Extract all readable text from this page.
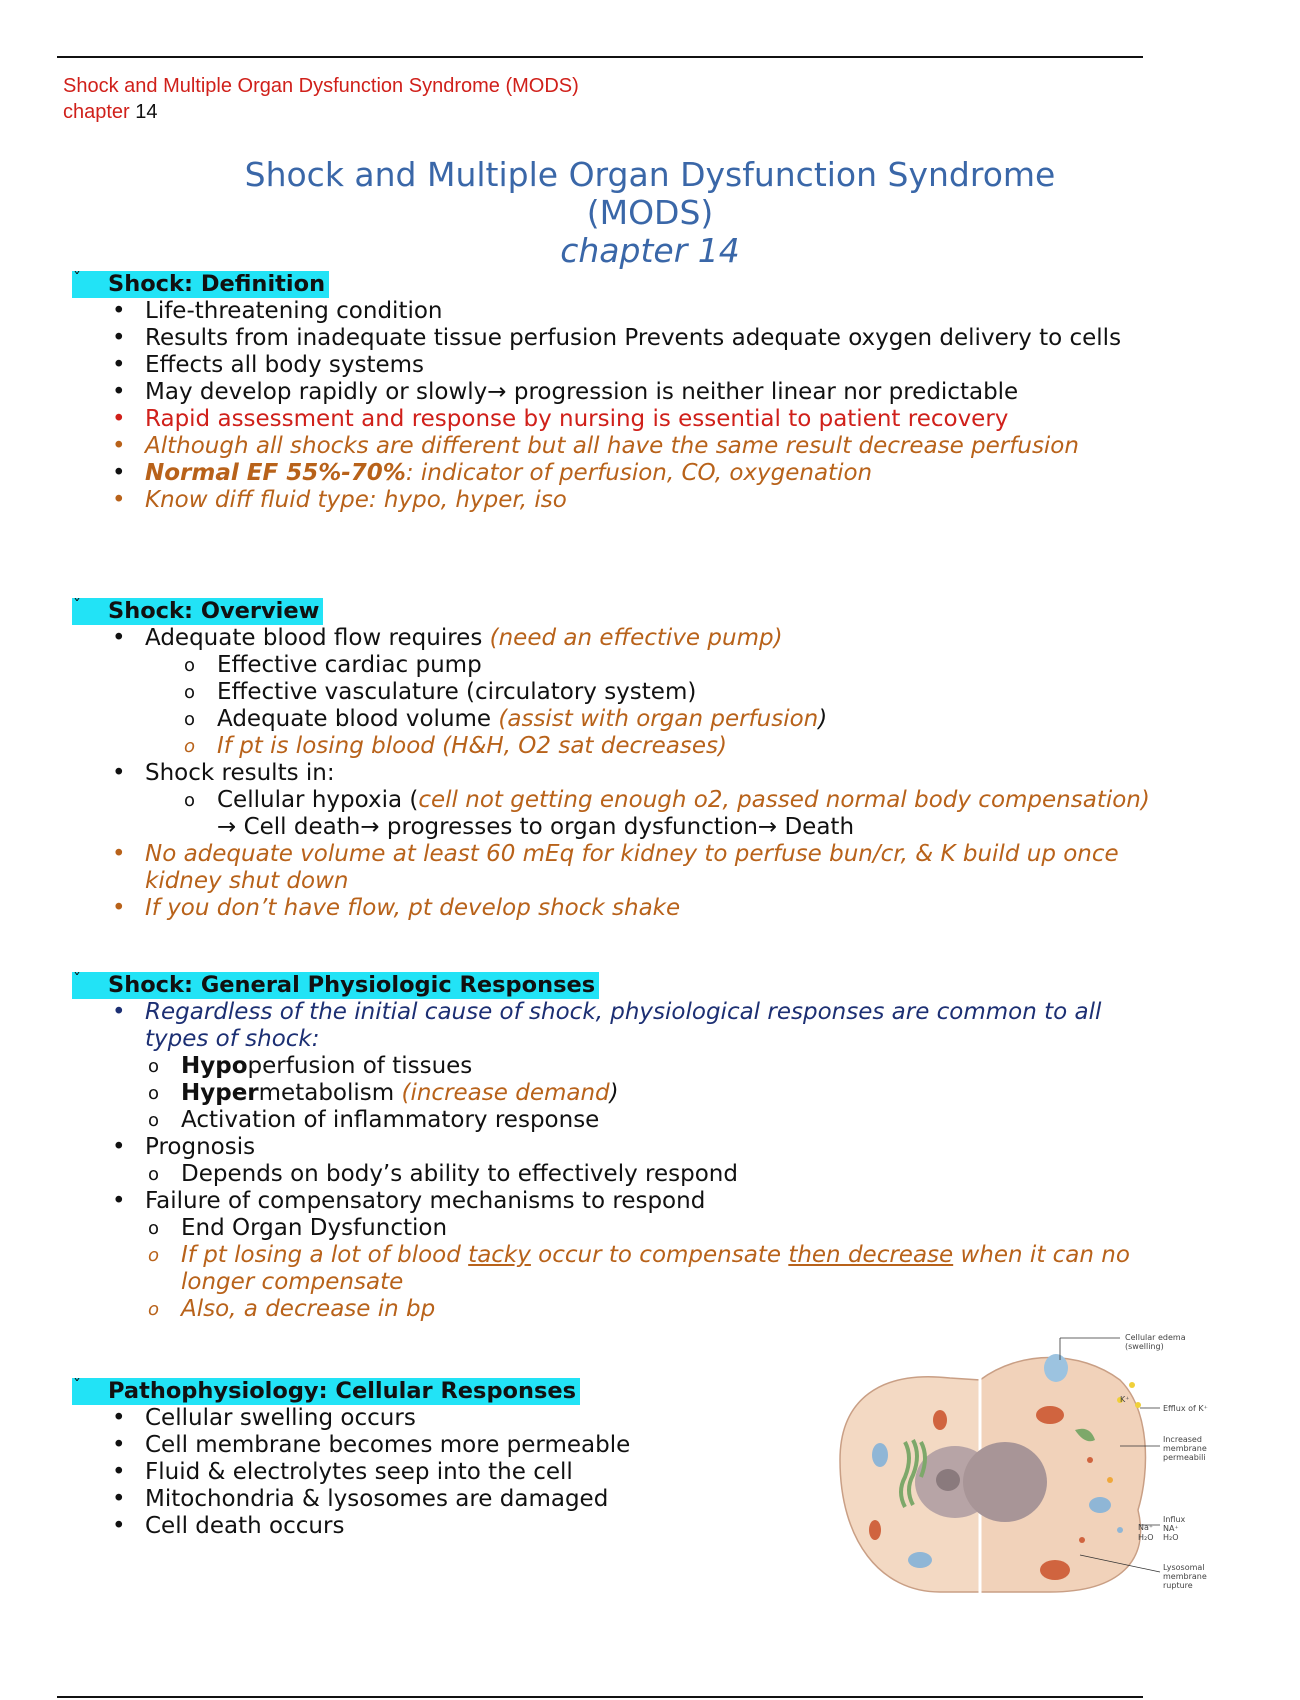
Shock and Multiple Organ Dysfunction Syndrome (MODS)
chapter 14
Shock and Multiple Organ Dysfunction Syndrome
(MODS)
chapter 14
ˇ Shock: Definition
• Life-threatening condition
• Results from inadequate tissue perfusion Prevents adequate oxygen delivery to cells
• Effects all body systems
• May develop rapidly or slowly→ progression is neither linear nor predictable
• Rapid assessment and response by nursing is essential to patient recovery
• Although all shocks are different but all have the same result decrease perfusion
• Normal EF 55%-70%: indicator of perfusion, CO, oxygenation
• Know diff fluid type: hypo, hyper, iso
ˇ Shock: Overview
• Adequate blood flow requires (need an effective pump)
o Effective cardiac pump
o Effective vasculature (circulatory system)
o Adequate blood volume (assist with organ perfusion)
o If pt is losing blood (H&H, O2 sat decreases)
• Shock results in:
o Cellular hypoxia (cell not getting enough o2, passed normal body compensation) → Cell death→ progresses to organ dysfunction→ Death
• No adequate volume at least 60 mEq for kidney to perfuse bun/cr, & K build up once kidney shut down
• If you don’t have flow, pt develop shock shake
ˇ Shock: General Physiologic Responses
• Regardless of the initial cause of shock, physiological responses are common to all types of shock:
o Hypoperfusion of tissues
o Hypermetabolism (increase demand)
o Activation of inflammatory response
• Prognosis
o Depends on body’s ability to effectively respond
• Failure of compensatory mechanisms to respond
o End Organ Dysfunction
o If pt losing a lot of blood tacky occur to compensate then decrease when it can no longer compensate
o Also, a decrease in bp
ˇ Pathophysiology: Cellular Responses
• Cellular swelling occurs
• Cell membrane becomes more permeable
• Fluid & electrolytes seep into the cell
• Mitochondria & lysosomes are damaged
• Cell death occurs
Cellular edema
(swelling)
Efflux of K⁺
Increased
membrane
permeabili
Influx
NA⁺
H₂O
Lysosomal
membrane
rupture
K⁺
Na⁺
H₂O
